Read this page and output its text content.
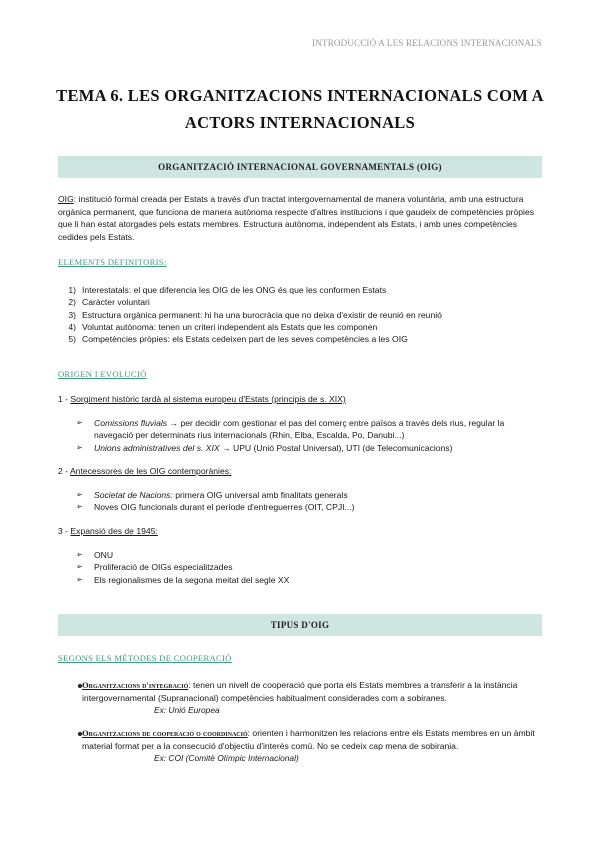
INTRODUCCIÓ A LES RELACIONS INTERNACIONALS
TEMA 6. LES ORGANITZACIONS INTERNACIONALS COM A
ACTORS INTERNACIONALS
ORGANITZACIÓ INTERNACIONAL GOVERNAMENTALS (OIG)
OIG: institució formal creada per Estats a través d'un tractat intergovernamental de manera voluntària, amb una estructura orgànica permanent, que funciona de manera autònoma respecte d'altres institucions i que gaudeix de competències pròpies que li han estat atorgades pels estats membres. Estructura autònoma, independent als Estats, i amb unes competències cedides pels Estats.
ELEMENTS DEFINITORIS:
1) Interestatals: el que diferencia les OIG de les ONG és que les conformen Estats
2) Caràcter voluntari
3) Estructura orgànica permanent: hi ha una burocràcia que no deixa d'existir de reunió en reunió
4) Voluntat autònoma: tenen un criteri independent als Estats que les componen
5) Competències pròpies: els Estats cedeixen part de les seves competències a les OIG
ORIGEN I EVOLUCIÓ
1 - Sorgiment històric tardà al sistema europeu d'Estats (principis de s. XIX)
➢ Comissions fluvials → per decidir com gestionar el pas del comerç entre països a través dels rius, regular la navegació per determinats rius internacionals (Rhin, Elba, Escalda, Po, Danubi...)
➢ Unions administratives del s. XIX → UPU (Unió Postal Universal), UTI (de Telecomunicacions)
2 - Antecessores de les OIG contemporànies:
➢ Societat de Nacions: primera OIG universal amb finalitats generals
➢ Noves OIG funcionals durant el període d'entreguerres (OIT, CPJI...)
3 - Expansió des de 1945:
➢ ONU
➢ Proliferació de OIGs especialitzades
➢ Els regionalismes de la segona meitat del segle XX
TIPUS D'OIG
SEGONS ELS MÈTODES DE COOPERACIÓ
Organitzacions d'integració: tenen un nivell de cooperació que porta els Estats membres a transferir a la instància intergovernamental (Supranacional) competències habitualment considerades com a sobiranes.
Ex: Unió Europea
Organitzacions de cooperació o coordinació: orienten i harmonitzen les relacions entre els Estats membres en un àmbit material format per a la consecució d'objectiu d'interès comú. No se cedeix cap mena de sobirania.
Ex: COI (Comitè Olímpic Internacional)
